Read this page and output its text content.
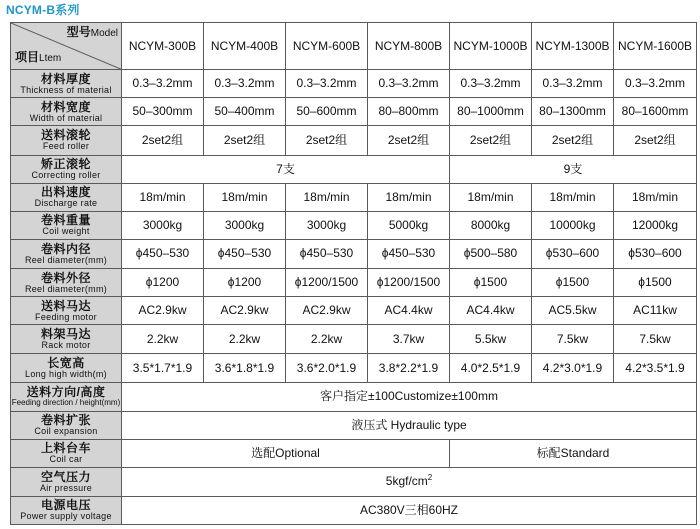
NCYM-B系列
型号Model
项目Ltem	NCYM-300B	NCYM-400B	NCYM-600B	NCYM-800B	NCYM-1000B	NCYM-1300B	NCYM-1600B

材料厚度
Thickness of material	0.3–3.2mm	0.3–3.2mm	0.3–3.2mm	0.3–3.2mm	0.3–3.2mm	0.3–3.2mm	0.3–3.2mm

材料宽度
Width of material	50–300mm	50–400mm	50–600mm	80–800mm	80–1000mm	80–1300mm	80–1600mm

送料滚轮
Feed roller	2set2组	2set2组	2set2组	2set2组	2set2组	2set2组	2set2组

矫正滚轮
Correcting roller	7支				9支		

出料速度
Discharge rate	18m/min	18m/min	18m/min	18m/min	18m/min	18m/min	18m/min

卷料重量
Coil weight	3000kg	3000kg	3000kg	5000kg	8000kg	10000kg	12000kg

卷料内径
Reel diameter(mm)	ϕ450–530	ϕ450–530	ϕ450–530	ϕ450–530	ϕ500–580	ϕ530–600	ϕ530–600

卷料外径
Reel diameter(mm)	ϕ1200	ϕ1200	ϕ1200/1500	ϕ1200/1500	ϕ1500	ϕ1500	ϕ1500

送料马达
Feeding motor	AC2.9kw	AC2.9kw	AC2.9kw	AC4.4kw	AC4.4kw	AC5.5kw	AC11kw

料架马达
Rack motor	2.2kw	2.2kw	2.2kw	3.7kw	5.5kw	7.5kw	7.5kw

长宽高
Long high width(m)	3.5*1.7*1.9	3.6*1.8*1.9	3.6*2.0*1.9	3.8*2.2*1.9	4.0*2.5*1.9	4.2*3.0*1.9	4.2*3.5*1.9

送料方向/高度
Feeding direction / height(mm)	客户指定±100Customize±100mm						

卷料扩张
Coil expansion	液压式 Hydraulic type						

上料台车
Coil car	选配Optional				标配Standard		

空气压力
Air pressure	$5kgf/cm^2$

电源电压
Power supply voltage	AC380V三相60HZ						
